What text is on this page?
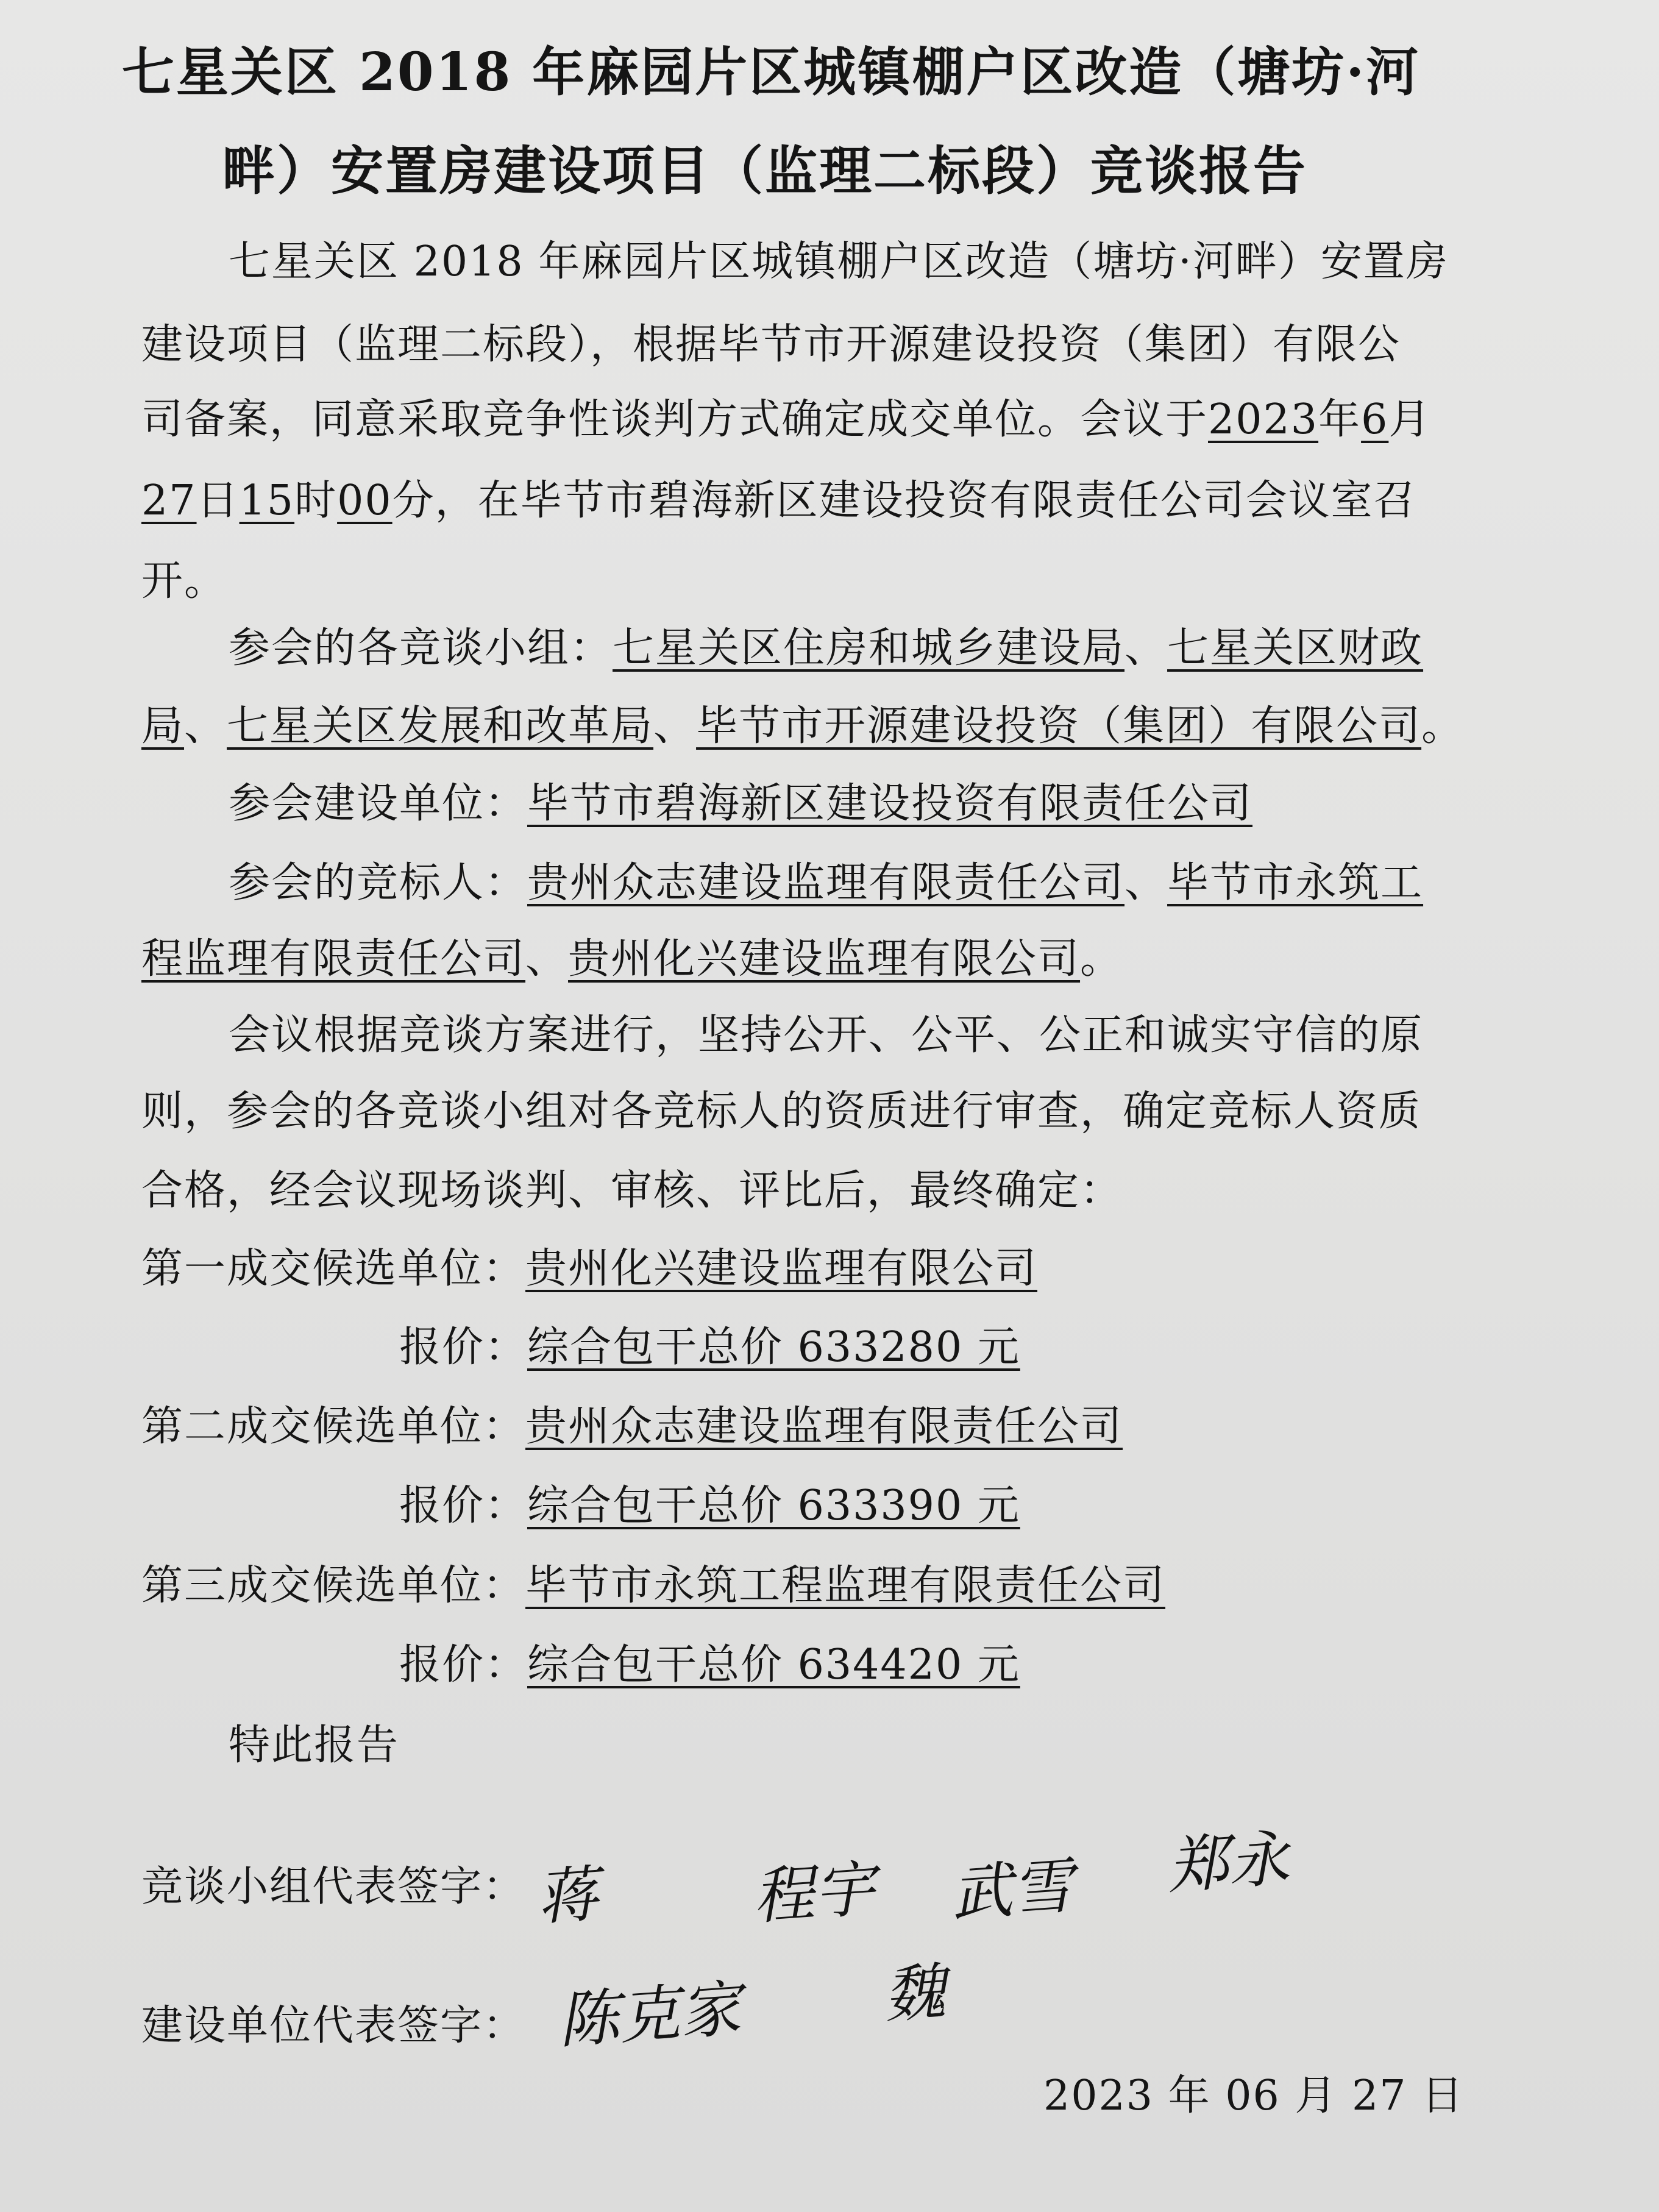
七星关区 2018 年麻园片区城镇棚户区改造（塘坊·河
畔）安置房建设项目（监理二标段）竞谈报告
七星关区 2018 年麻园片区城镇棚户区改造（塘坊·河畔）安置房
建设项目（监理二标段），根据毕节市开源建设投资（集团）有限公
司备案，同意采取竞争性谈判方式确定成交单位。会议于2023年6月
27日15时00分，在毕节市碧海新区建设投资有限责任公司会议室召
开。
参会的各竞谈小组：七星关区住房和城乡建设局、七星关区财政
局、七星关区发展和改革局、毕节市开源建设投资（集团）有限公司。
参会建设单位：毕节市碧海新区建设投资有限责任公司
参会的竞标人：贵州众志建设监理有限责任公司、毕节市永筑工
程监理有限责任公司、贵州化兴建设监理有限公司。
会议根据竞谈方案进行，坚持公开、公平、公正和诚实守信的原
则，参会的各竞谈小组对各竞标人的资质进行审查，确定竞标人资质
合格，经会议现场谈判、审核、评比后，最终确定：
第一成交候选单位：贵州化兴建设监理有限公司
报价：综合包干总价 633280 元
第二成交候选单位：贵州众志建设监理有限责任公司
报价：综合包干总价 633390 元
第三成交候选单位：毕节市永筑工程监理有限责任公司
报价：综合包干总价 634420 元
特此报告
竞谈小组代表签字： 蒋 程宇 武雪 郑永
建设单位代表签字： 陈克家 魏
2023 年 06 月 27 日
